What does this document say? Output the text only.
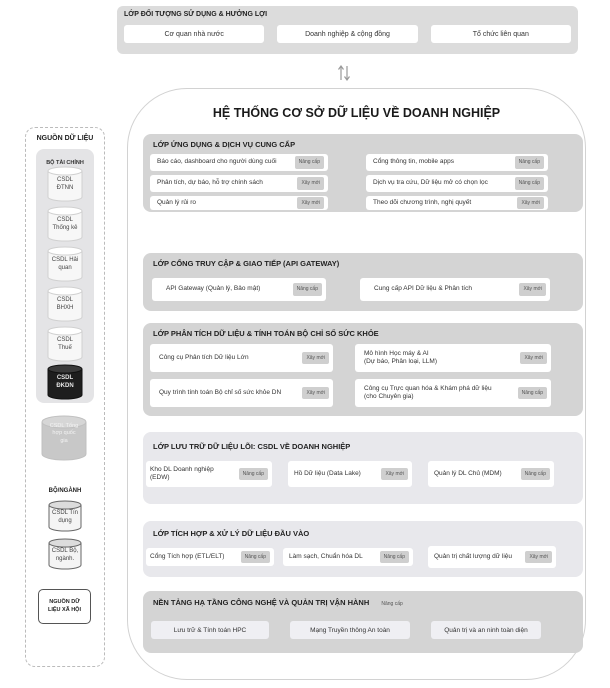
LỚP ĐỐI TƯỢNG SỬ DỤNG & HƯỞNG LỢI
Cơ quan nhà nước	Doanh nghiệp & cộng đồng	Tổ chức liên quan
HỆ THỐNG CƠ SỞ DỮ LIỆU VỀ DOANH NGHIỆP
LỚP ỨNG DỤNG & DỊCH VỤ CUNG CẤP
Báo cáo, dashboard cho người dùng cuối	Nâng cấp	Cổng thông tin, mobile apps	Nâng cấp
Phân tích, dự báo, hỗ trợ chính sách	Xây mới	Dịch vụ tra cứu, Dữ liệu mở có chọn lọc	Nâng cấp
Quản lý rủi ro	Xây mới	Theo dõi chương trình, nghị quyết	Xây mới
LỚP CỔNG TRUY CẬP & GIAO TIẾP (API GATEWAY)
API Gateway (Quản lý, Bảo mật)	Nâng cấp	Cung cấp API Dữ liệu & Phân tích	Xây mới
LỚP PHÂN TÍCH DỮ LIỆU & TÍNH TOÁN BỘ CHỈ SỐ SỨC KHỎE
Công cụ Phân tích Dữ liệu Lớn	Xây mới
Mô hình Học máy & AI
(Dự báo, Phân loại, LLM)
Xây mới
Quy trình tính toán Bộ chỉ số sức khỏe DN	Xây mới
Công cụ Trực quan hóa & Khám phá dữ liệu
(cho Chuyên gia)
Nâng cấp
LỚP LƯU TRỮ DỮ LIỆU LÕI: CSDL VỀ DOANH NGHIỆP
Kho DL Doanh nghiệp
(EDW)
Nâng cấp	Hồ Dữ liệu (Data Lake)	Xây mới	Quản lý DL Chủ (MDM)	Nâng cấp
LỚP TÍCH HỢP & XỬ LÝ DỮ LIỆU ĐẦU VÀO
Cổng Tích hợp (ETL/ELT)	Nâng cấp	Làm sạch, Chuẩn hóa DL	Nâng cấp	Quản trị chất lượng dữ liệu	Xây mới
NỀN TẢNG HẠ TẦNG CÔNG NGHỆ VÀ QUẢN TRỊ VẬN HÀNH Nâng cấp
Lưu trữ & Tính toán HPC	Mạng Truyền thông An toàn	Quản trị và an ninh toàn diện
NGUỒN DỮ LIỆU
BỘ TÀI CHÍNH
CSDL
ĐTNN
CSDL
Thống kê
CSDL Hải
quan
CSDL
BHXH
CSDL
Thuế
CSDL
ĐKDN
CSDL Tổng
hợp quốc
gia
BỘ/NGÀNH
CSDL Tín
dụng
CSDL Bộ,
ngành.
NGUỒN DỮ
LIỆU XÃ HỘI
